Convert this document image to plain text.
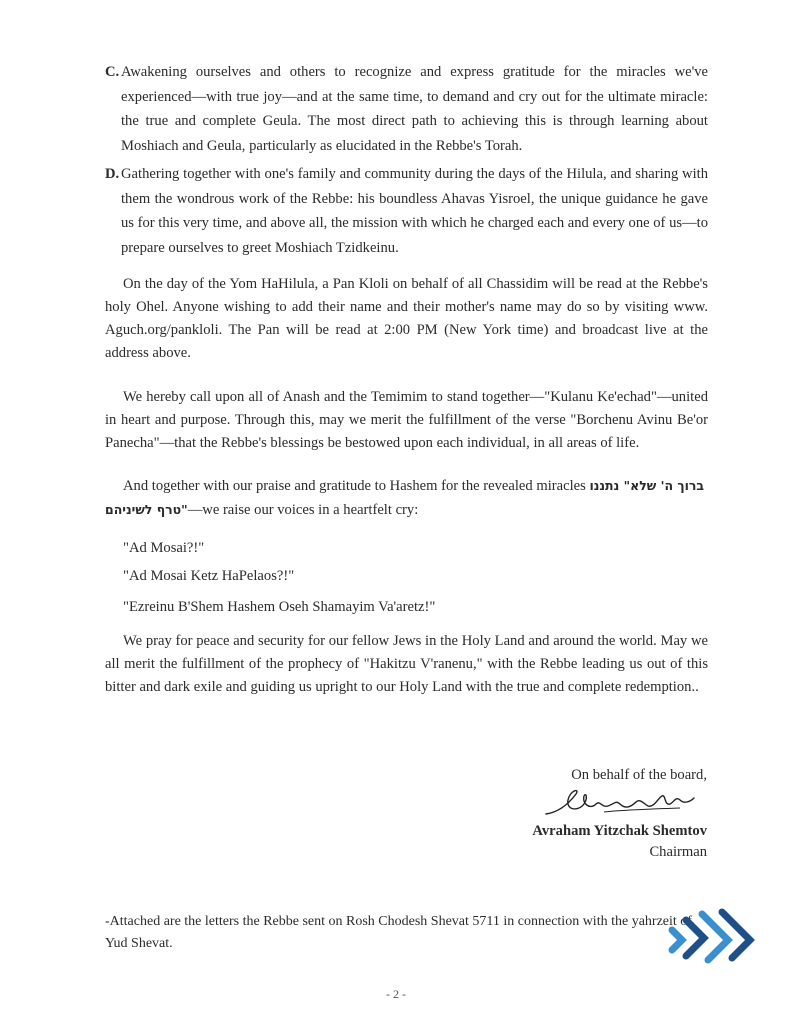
C. Awakening ourselves and others to recognize and express gratitude for the miracles we've experienced—with true joy—and at the same time, to demand and cry out for the ultimate miracle: the true and complete Geula. The most direct path to achieving this is through learning about Moshiach and Geula, particularly as elucidated in the Rebbe's Torah.
D. Gathering together with one's family and community during the days of the Hilula, and sharing with them the wondrous work of the Rebbe: his boundless Ahavas Yisroel, the unique guidance he gave us for this very time, and above all, the mission with which he charged each and every one of us—to prepare ourselves to greet Moshiach Tzidkeinu.
On the day of the Yom HaHilula, a Pan Kloli on behalf of all Chassidim will be read at the Rebbe's holy Ohel. Anyone wishing to add their name and their mother's name may do so by visiting www. Aguch.org/pankloli. The Pan will be read at 2:00 PM (New York time) and broadcast live at the address above.
We hereby call upon all of Anash and the Temimim to stand together—"Kulanu Ke'echad"—united in heart and purpose. Through this, may we merit the fulfillment of the verse "Borchenu Avinu Be'or Panecha"—that the Rebbe's blessings be bestowed upon each individual, in all areas of life.
And together with our praise and gratitude to Hashem for the revealed miracles ברוך ה' שלא" נתננו
"טרף לשיניהם—we raise our voices in a heartfelt cry:
"Ad Mosai?!"
"Ad Mosai Ketz HaPelaos?!"
"Ezreinu B'Shem Hashem Oseh Shamayim Va'aretz!"
We pray for peace and security for our fellow Jews in the Holy Land and around the world. May we all merit the fulfillment of the prophecy of "Hakitzu V'ranenu," with the Rebbe leading us out of this bitter and dark exile and guiding us upright to our Holy Land with the true and complete redemption..
On behalf of the board,
Avraham Yitzchak Shemtov
Chairman
-Attached are the letters the Rebbe sent on Rosh Chodesh Shevat 5711 in connection with the yahrzeit of Yud Shevat.
- 2 -
